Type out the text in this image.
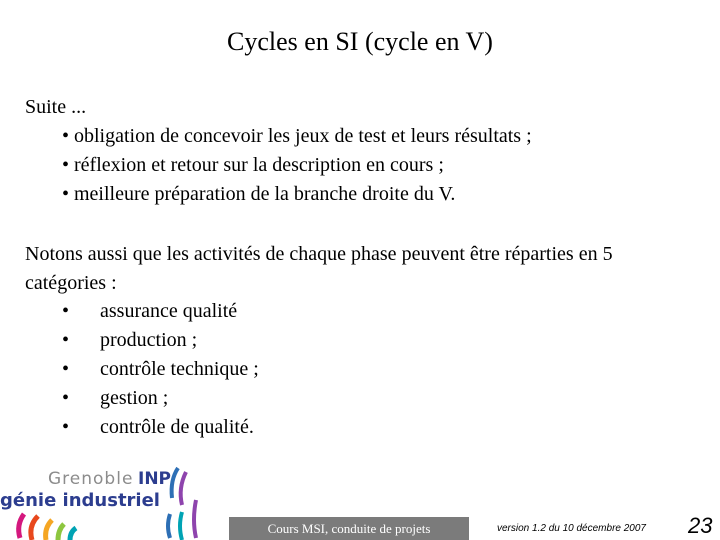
Cycles en SI (cycle en V)
Suite ...
• obligation de concevoir les jeux de test et leurs résultats ;
• réflexion et retour sur la description en cours ;
• meilleure préparation de la branche droite du V.
Notons aussi que les activités de chaque phase peuvent être réparties en 5 catégories :
• assurance qualité
• production ;
• contrôle technique ;
• gestion ;
• contrôle de qualité.
Grenoble INP
génie industriel
Cours MSI, conduite de projets	version 1.2 du 10 décembre 2007	23
